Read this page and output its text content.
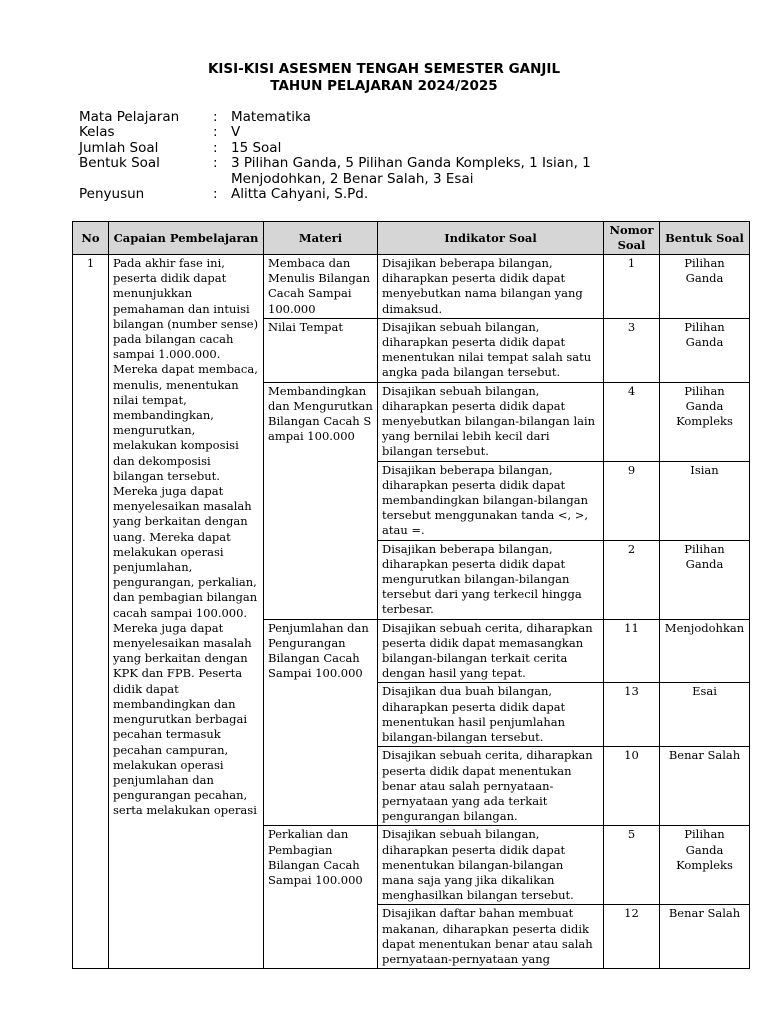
KISI-KISI ASESMEN TENGAH SEMESTER GANJIL
TAHUN PELAJARAN 2024/2025
Mata Pelajaran	: Matematika
Kelas	: V
Jumlah Soal	: 15 Soal
Bentuk Soal	: 3 Pilihan Ganda, 5 Pilihan Ganda Kompleks, 1 Isian, 1 Menjodohkan, 2 Benar Salah, 3 Esai
Penyusun	: Alitta Cahyani, S.Pd.
No	Capaian Pembelajaran	Materi	Indikator Soal	Nomor Soal	Bentuk Soal
1	Pada akhir fase ini, peserta didik dapat menunjukkan pemahaman dan intuisi bilangan (number sense) pada bilangan cacah sampai 1.000.000. Mereka dapat membaca, menulis, menentukan nilai tempat, membandingkan, mengurutkan, melakukan komposisi dan dekomposisi bilangan tersebut. Mereka juga dapat menyelesaikan masalah yang berkaitan dengan uang. Mereka dapat melakukan operasi penjumlahan, pengurangan, perkalian, dan pembagian bilangan cacah sampai 100.000. Mereka juga dapat menyelesaikan masalah yang berkaitan dengan KPK dan FPB. Peserta didik dapat membandingkan dan mengurutkan berbagai pecahan termasuk pecahan campuran, melakukan operasi penjumlahan dan pengurangan pecahan, serta melakukan operasi	Membaca dan Menulis Bilangan Cacah Sampai 100.000	Disajikan beberapa bilangan, diharapkan peserta didik dapat menyebutkan nama bilangan yang dimaksud.	1	Pilihan Ganda
		Nilai Tempat	Disajikan sebuah bilangan, diharapkan peserta didik dapat menentukan nilai tempat salah satu angka pada bilangan tersebut.	3	Pilihan Ganda
		Membandingkan dan Mengurutkan Bilangan Cacah Sampai 100.000	Disajikan sebuah bilangan, diharapkan peserta didik dapat menyebutkan bilangan-bilangan lain yang bernilai lebih kecil dari bilangan tersebut.	4	Pilihan Ganda Kompleks
			Disajikan beberapa bilangan, diharapkan peserta didik dapat membandingkan bilangan-bilangan tersebut menggunakan tanda <, >, atau =.	9	Isian
			Disajikan beberapa bilangan, diharapkan peserta didik dapat mengurutkan bilangan-bilangan tersebut dari yang terkecil hingga terbesar.	2	Pilihan Ganda
		Penjumlahan dan Pengurangan Bilangan Cacah Sampai 100.000	Disajikan sebuah cerita, diharapkan peserta didik dapat memasangkan bilangan-bilangan terkait cerita dengan hasil yang tepat.	11	Menjodohkan
			Disajikan dua buah bilangan, diharapkan peserta didik dapat menentukan hasil penjumlahan bilangan-bilangan tersebut.	13	Esai
			Disajikan sebuah cerita, diharapkan peserta didik dapat menentukan benar atau salah pernyataan-pernyataan yang ada terkait pengurangan bilangan.	10	Benar Salah
		Perkalian dan Pembagian Bilangan Cacah Sampai 100.000	Disajikan sebuah bilangan, diharapkan peserta didik dapat menentukan bilangan-bilangan mana saja yang jika dikalikan menghasilkan bilangan tersebut.	5	Pilihan Ganda Kompleks
			Disajikan daftar bahan membuat makanan, diharapkan peserta didik dapat menentukan benar atau salah pernyataan-pernyataan yang	12	Benar Salah
